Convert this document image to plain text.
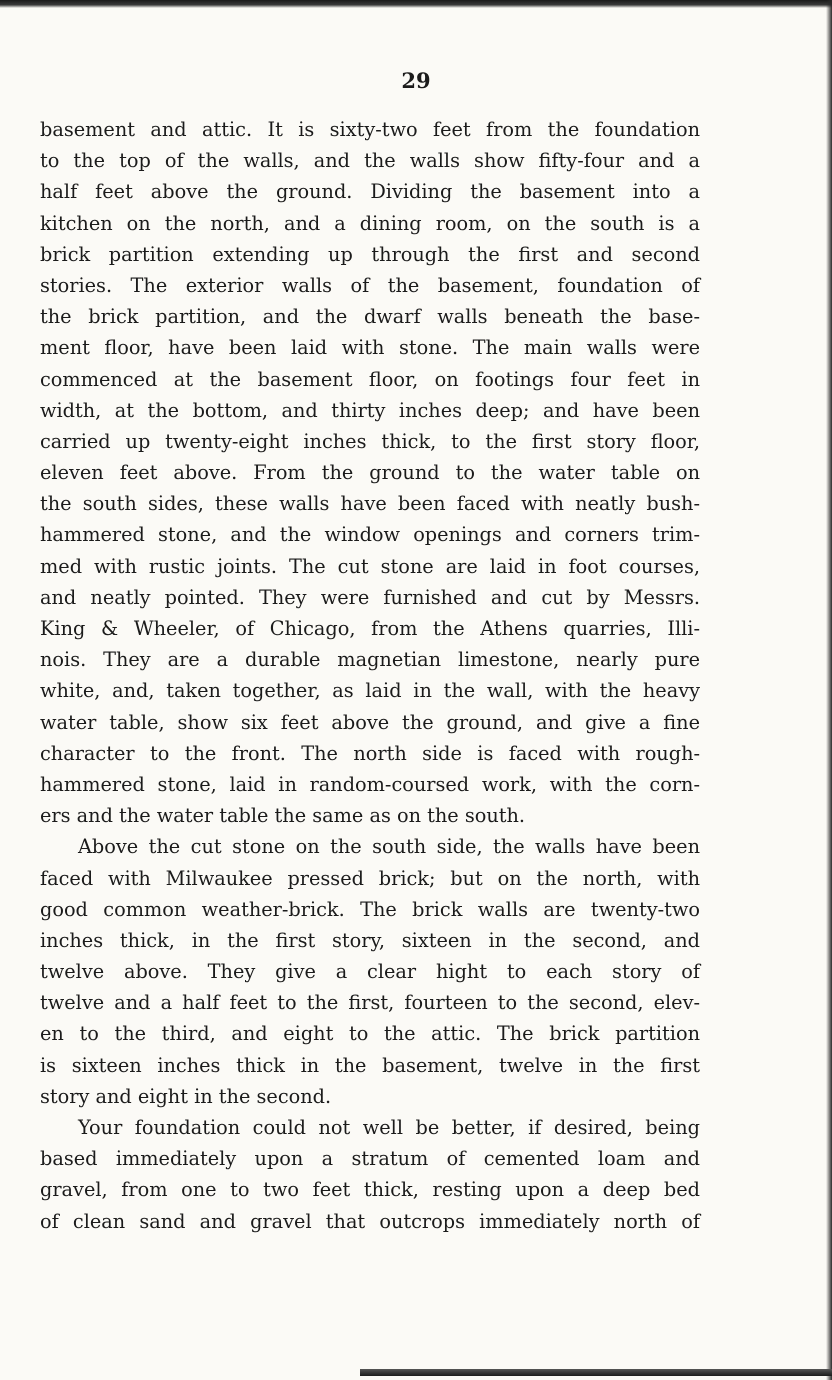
29
basement and attic. It is sixty-two feet from the foundation
to the top of the walls, and the walls show fifty-four and a
half feet above the ground. Dividing the basement into a
kitchen on the north, and a dining room, on the south is a
brick partition extending up through the first and second
stories. The exterior walls of the basement, foundation of
the brick partition, and the dwarf walls beneath the base-
ment floor, have been laid with stone. The main walls were
commenced at the basement floor, on footings four feet in
width, at the bottom, and thirty inches deep; and have been
carried up twenty-eight inches thick, to the first story floor,
eleven feet above. From the ground to the water table on
the south sides, these walls have been faced with neatly bush-
hammered stone, and the window openings and corners trim-
med with rustic joints. The cut stone are laid in foot courses,
and neatly pointed. They were furnished and cut by Messrs.
King & Wheeler, of Chicago, from the Athens quarries, Illi-
nois. They are a durable magnetian limestone, nearly pure
white, and, taken together, as laid in the wall, with the heavy
water table, show six feet above the ground, and give a fine
character to the front. The north side is faced with rough-
hammered stone, laid in random-coursed work, with the corn-
ers and the water table the same as on the south.
Above the cut stone on the south side, the walls have been
faced with Milwaukee pressed brick; but on the north, with
good common weather-brick. The brick walls are twenty-two
inches thick, in the first story, sixteen in the second, and
twelve above. They give a clear hight to each story of
twelve and a half feet to the first, fourteen to the second, elev-
en to the third, and eight to the attic. The brick partition
is sixteen inches thick in the basement, twelve in the first
story and eight in the second.
Your foundation could not well be better, if desired, being
based immediately upon a stratum of cemented loam and
gravel, from one to two feet thick, resting upon a deep bed
of clean sand and gravel that outcrops immediately north of
